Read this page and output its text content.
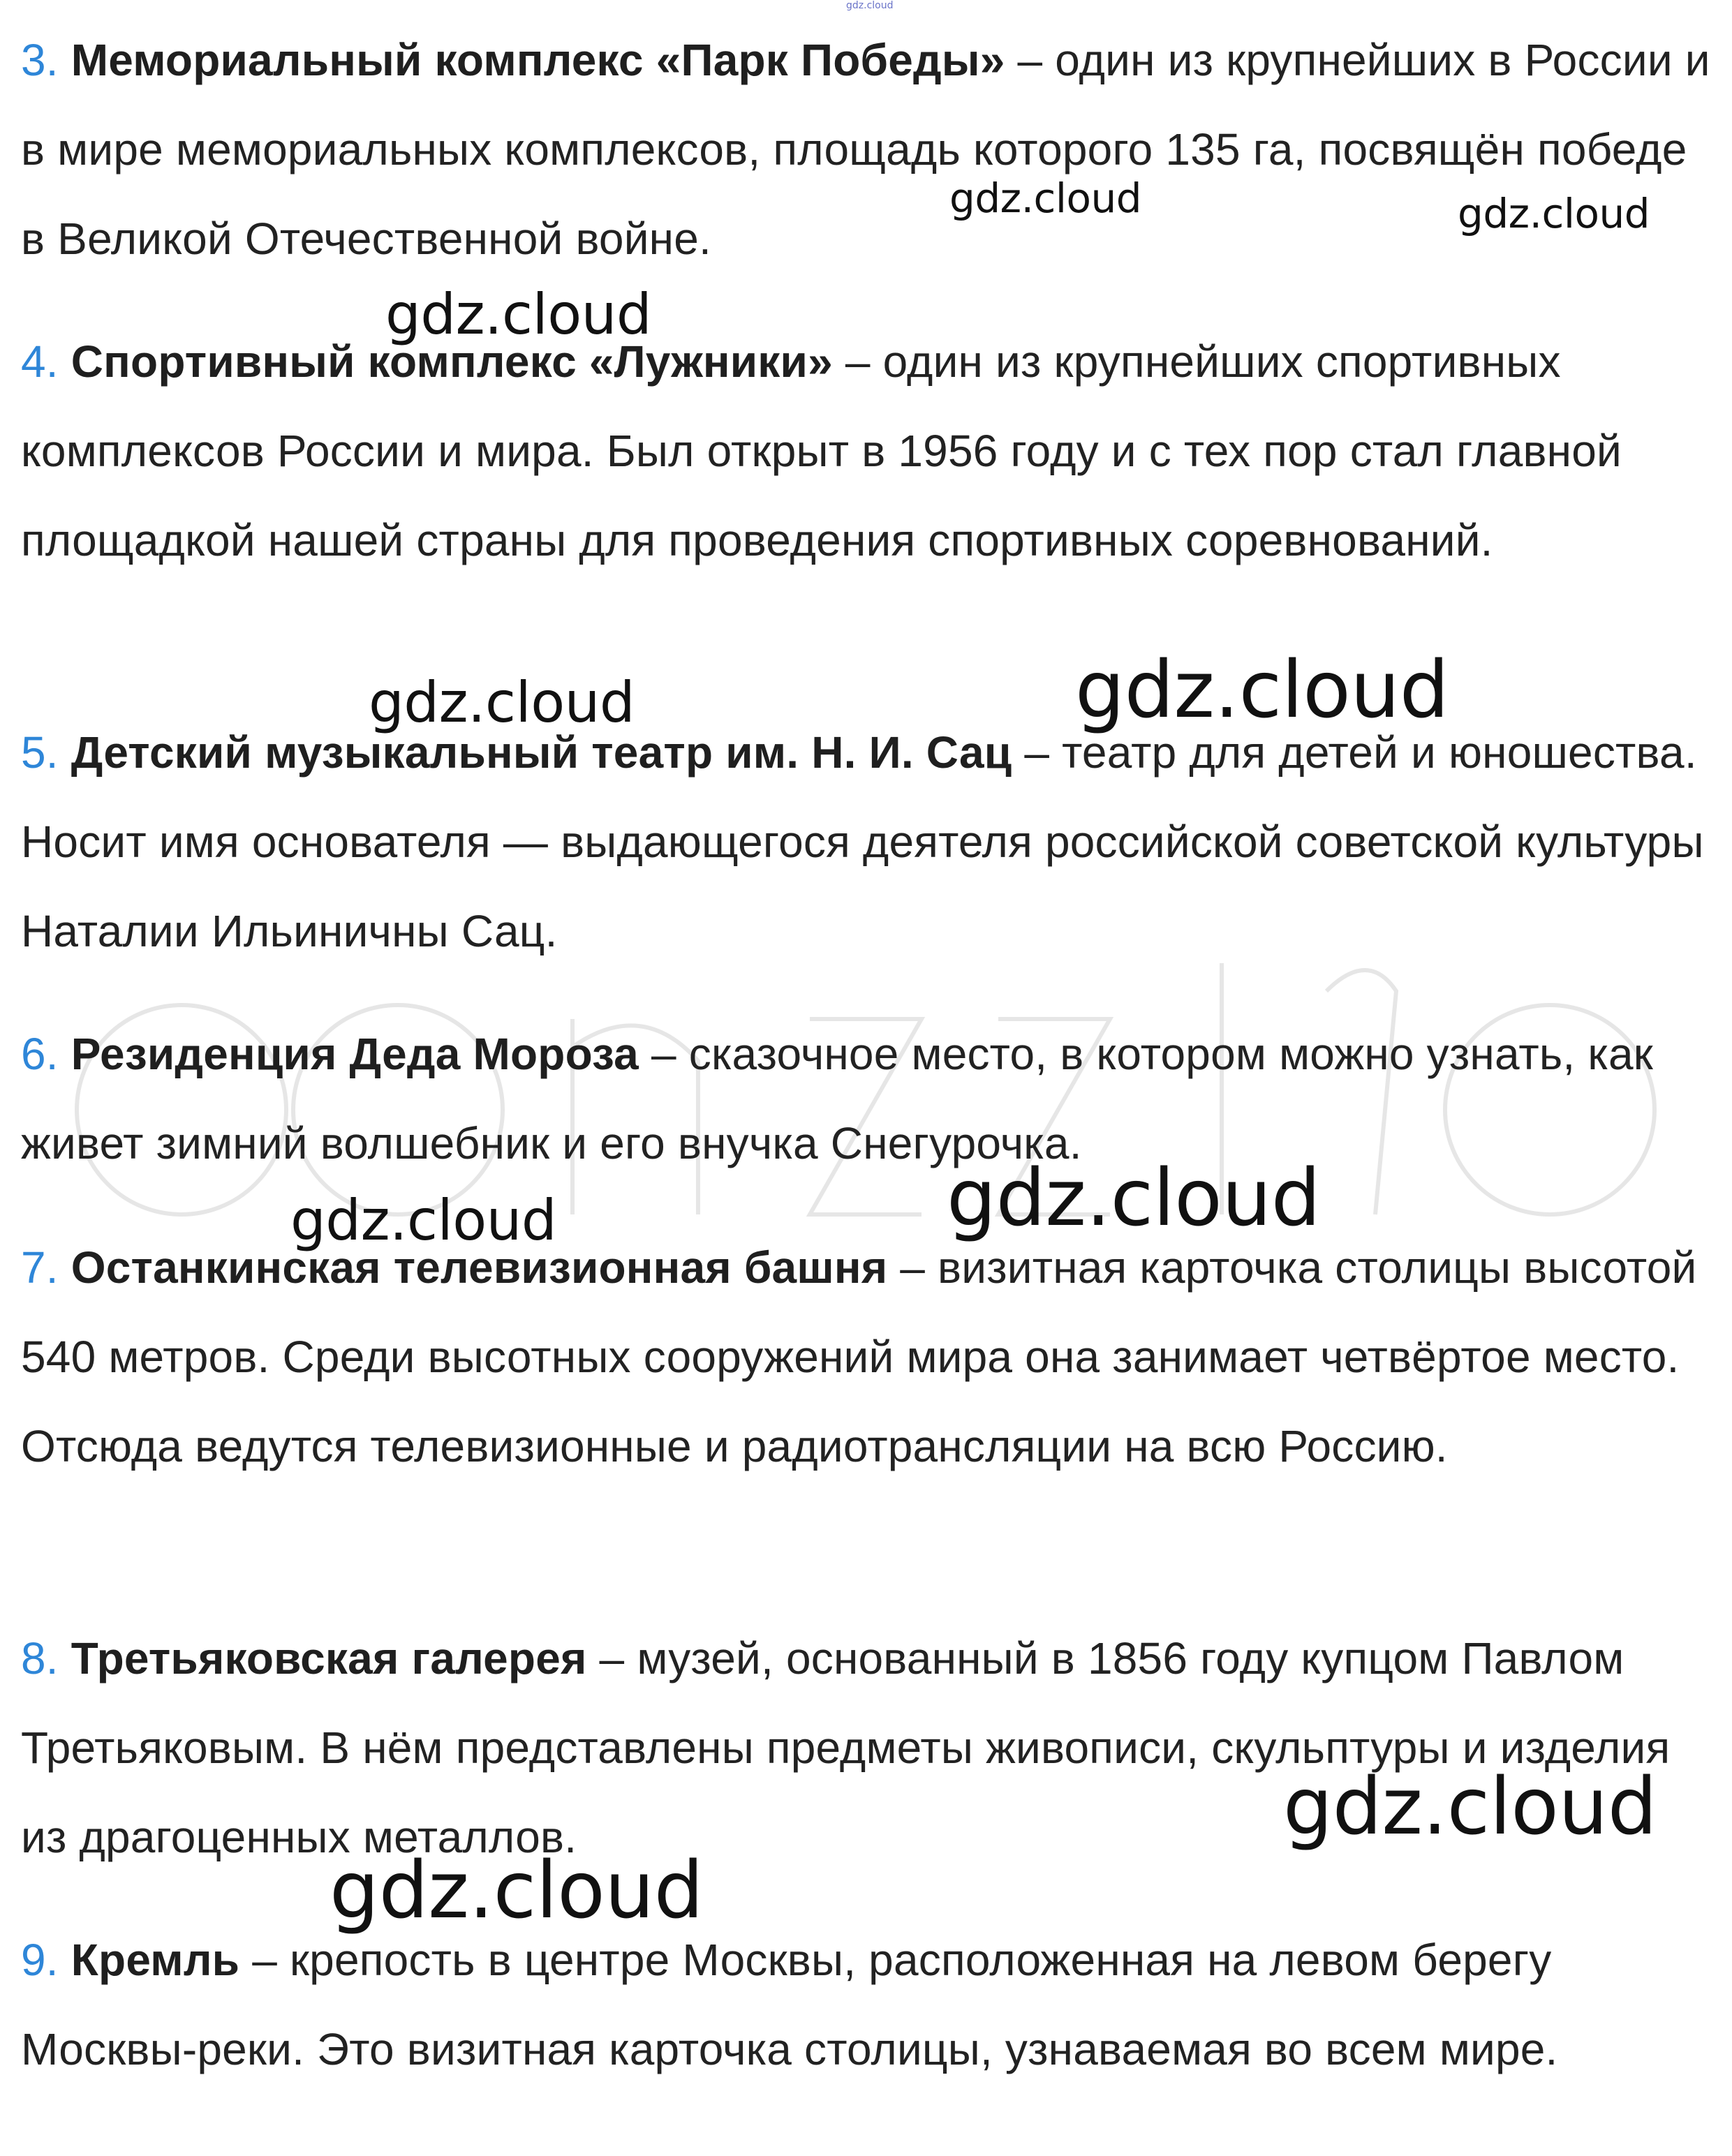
3. Мемориальный комплекс «Парк Победы» – один из крупнейших в России и в мире мемориальных комплексов, площадь которого 135 га, посвящён победе в Великой Отечественной войне.
4. Спортивный комплекс «Лужники» – один из крупнейших спортивных комплексов России и мира. Был открыт в 1956 году и с тех пор стал главной площадкой нашей страны для проведения спортивных соревнований.
5. Детский музыкальный театр им. Н. И. Сац – театр для детей и юношества. Носит имя основателя — выдающегося деятеля российской советской культуры Наталии Ильиничны Сац.
6. Резиденция Деда Мороза – сказочное место, в котором можно узнать, как живет зимний волшебник и его внучка Снегурочка.
7. Останкинская телевизионная башня – визитная карточка столицы высотой 540 метров. Среди высотных сооружений мира она занимает четвёртое место. Отсюда ведутся телевизионные и радиотрансляции на всю Россию.
8. Третьяковская галерея – музей, основанный в 1856 году купцом Павлом Третьяковым. В нём представлены предметы живописи, скульптуры и изделия из драгоценных металлов.
9. Кремль – крепость в центре Москвы, расположенная на левом берегу Москвы-реки. Это визитная карточка столицы, узнаваемая во всем мире.
gdz.cloud
gdz.cloud	gdz.cloud
gdz.cloud
gdz.cloud
gdz.cloud
gdz.cloud
gdz.cloud
gdz.cloud
gdz.cloud
